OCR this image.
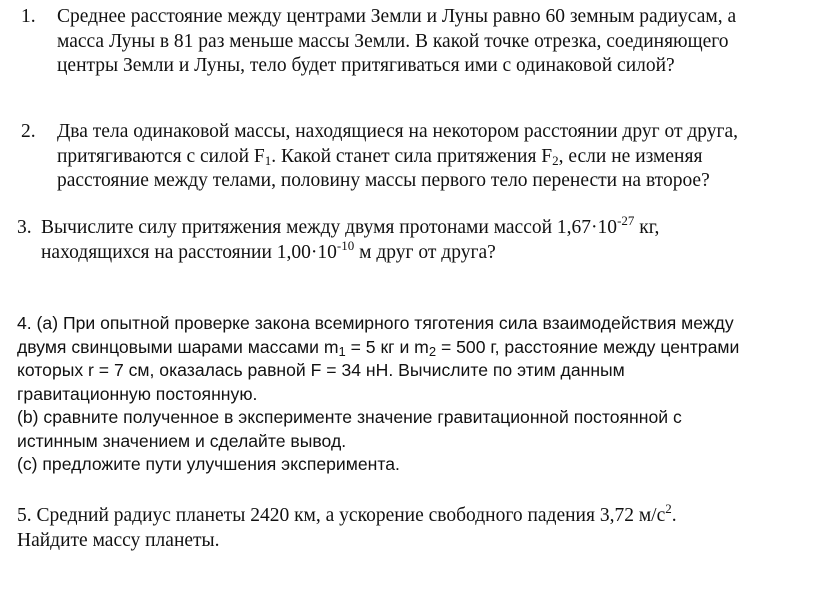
1. Среднее расстояние между центрами Земли и Луны равно 60 земным радиусам, а
масса Луны в 81 раз меньше массы Земли. В какой точке отрезка, соединяющего
центры Земли и Луны, тело будет притягиваться ими с одинаковой силой?
2. Два тела одинаковой массы, находящиеся на некотором расстоянии друг от друга,
притягиваются с силой $F_1$. Какой станет сила притяжения $F_2$, если не изменяя
расстояние между телами, половину массы первого тело перенести на второе?
3. Вычислите силу притяжения между двумя протонами массой $1,67\cdot 10^{-27}$ кг,
находящихся на расстоянии $1,00\cdot 10^{-10}$ м друг от друга?
4. (a) При опытной проверке закона всемирного тяготения сила взаимодействия между
двумя свинцовыми шарами массами $m_1 = 5$ кг и $m_2 = 500$ г, расстояние между центрами
которых r = 7 см, оказалась равной F = 34 нН. Вычислите по этим данным
гравитационную постоянную.
(b) сравните полученное в эксперименте значение гравитационной постоянной с
истинным значением и сделайте вывод.
(c) предложите пути улучшения эксперимента.
5. Средний радиус планеты 2420 км, а ускорение свободного падения 3,72 $м/с^2$.
Найдите массу планеты.
